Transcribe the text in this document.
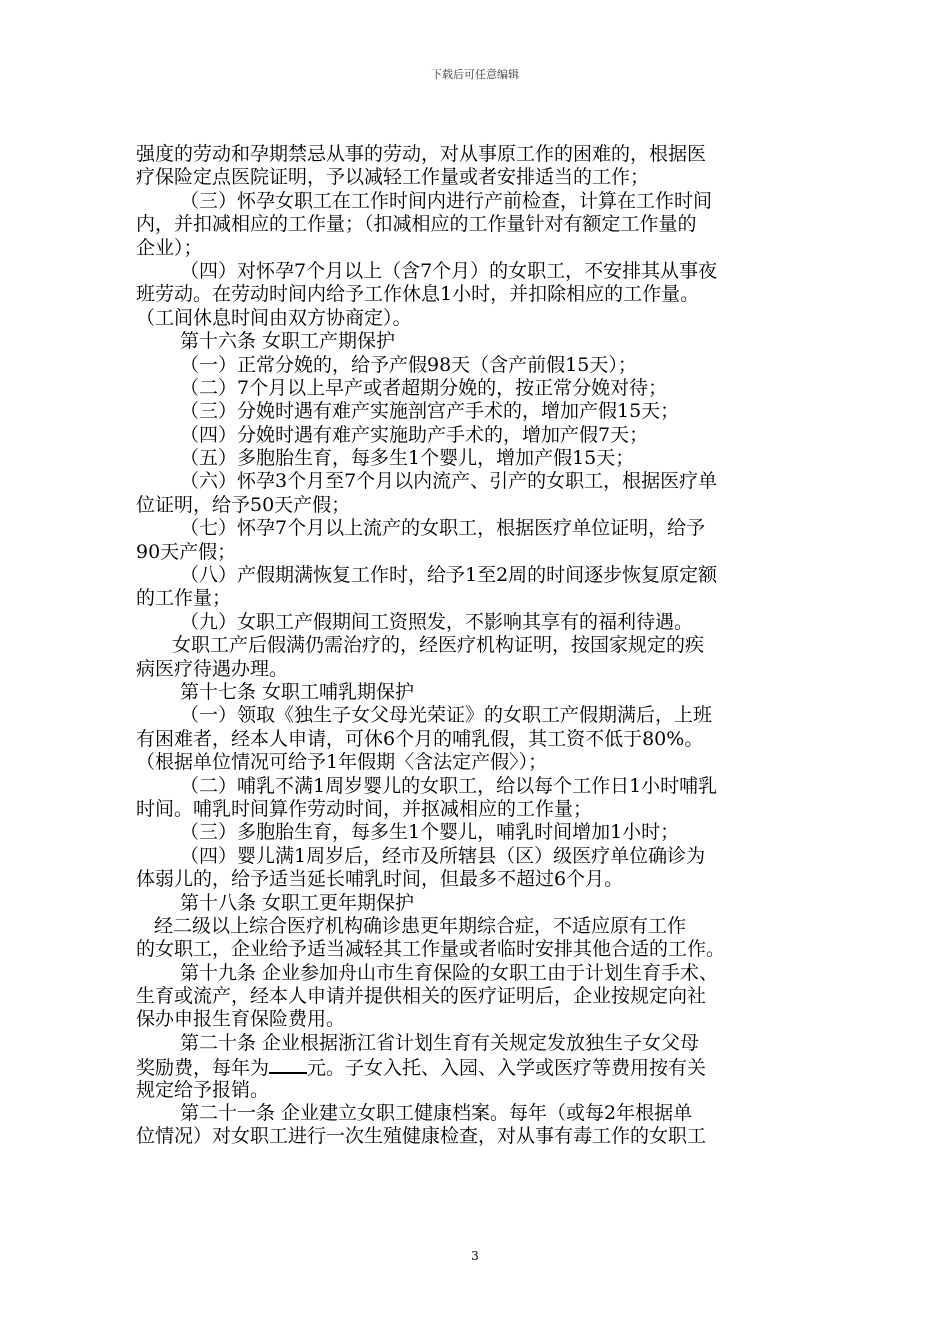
下载后可任意编辑
强度的劳动和孕期禁忌从事的劳动，对从事原工作的困难的，根据医
疗保险定点医院证明，予以减轻工作量或者安排适当的工作；
（三）怀孕女职工在工作时间内进行产前检查，计算在工作时间
内，并扣减相应的工作量；（扣减相应的工作量针对有额定工作量的
企业）；
（四）对怀孕7个月以上（含7个月）的女职工，不安排其从事夜
班劳动。在劳动时间内给予工作休息1小时，并扣除相应的工作量。
（工间休息时间由双方协商定）。
第十六条 女职工产期保护
（一）正常分娩的，给予产假98天（含产前假15天）；
（二）7个月以上早产或者超期分娩的，按正常分娩对待；
（三）分娩时遇有难产实施剖宫产手术的，增加产假15天；
（四）分娩时遇有难产实施助产手术的，增加产假7天；
（五）多胞胎生育，每多生1个婴儿，增加产假15天；
（六）怀孕3个月至7个月以内流产、引产的女职工，根据医疗单
位证明，给予50天产假；
（七）怀孕7个月以上流产的女职工，根据医疗单位证明，给予
90天产假；
（八）产假期满恢复工作时，给予1至2周的时间逐步恢复原定额
的工作量；
（九）女职工产假期间工资照发，不影响其享有的福利待遇。
女职工产后假满仍需治疗的，经医疗机构证明，按国家规定的疾
病医疗待遇办理。
第十七条 女职工哺乳期保护
（一）领取《独生子女父母光荣证》的女职工产假期满后，上班
有困难者，经本人申请，可休6个月的哺乳假，其工资不低于80%。
（根据单位情况可给予1年假期〈含法定产假〉）；
（二）哺乳不满1周岁婴儿的女职工，给以每个工作日1小时哺乳
时间。哺乳时间算作劳动时间，并抠减相应的工作量；
（三）多胞胎生育，每多生1个婴儿，哺乳时间增加1小时；
（四）婴儿满1周岁后，经市及所辖县（区）级医疗单位确诊为
体弱儿的，给予适当延长哺乳时间，但最多不超过6个月。
第十八条 女职工更年期保护
经二级以上综合医疗机构确诊患更年期综合症，不适应原有工作
的女职工，企业给予适当减轻其工作量或者临时安排其他合适的工作。
第十九条 企业参加舟山市生育保险的女职工由于计划生育手术、
生育或流产，经本人申请并提供相关的医疗证明后，企业按规定向社
保办申报生育保险费用。
第二十条 企业根据浙江省计划生育有关规定发放独生子女父母
奖励费，每年为 元。子女入托、入园、入学或医疗等费用按有关
规定给予报销。
第二十一条 企业建立女职工健康档案。每年（或每2年根据单
位情况）对女职工进行一次生殖健康检查，对从事有毒工作的女职工
3
